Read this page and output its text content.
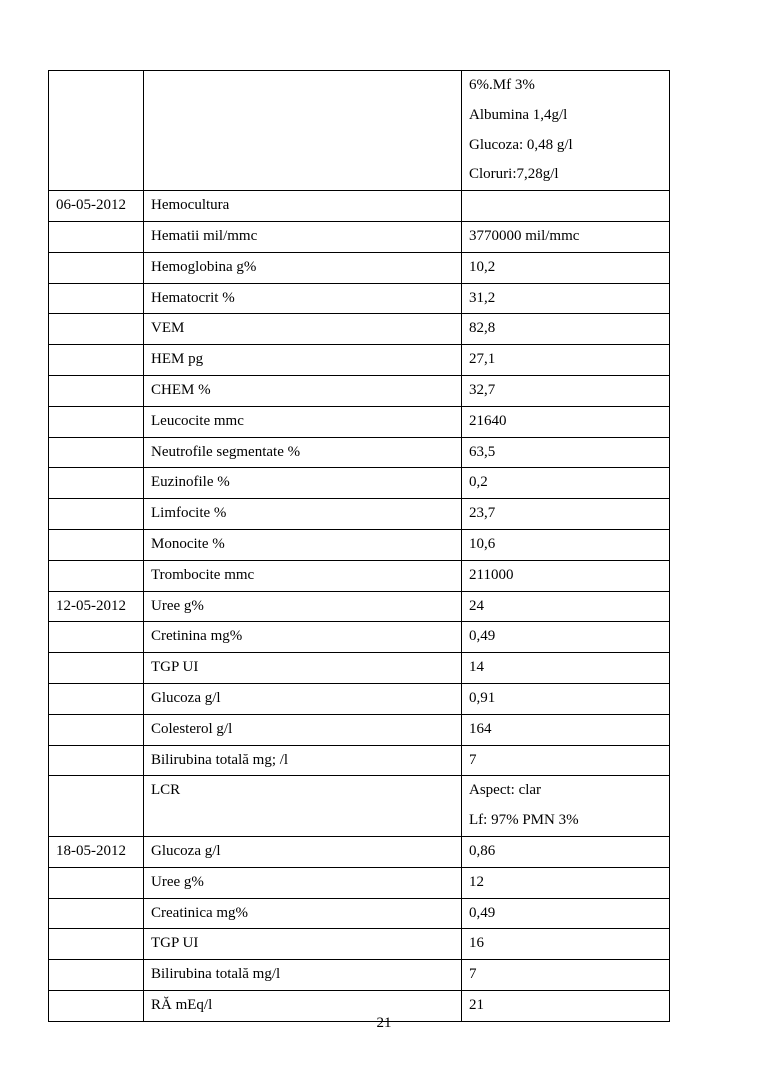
		6%.Mf 3%
Albumina 1,4g/l
Glucoza: 0,48 g/l
Cloruri:7,28g/l

06-05-2012	Hemocultura	

	Hematii mil/mmc	3770000 mil/mmc

	Hemoglobina g%	10,2

	Hematocrit %	31,2

	VEM	82,8

	HEM pg	27,1

	CHEM %	32,7

	Leucocite mmc	21640

	Neutrofile segmentate %	63,5

	Euzinofile %	0,2

	Limfocite %	23,7

	Monocite %	10,6

	Trombocite mmc	211000

12-05-2012	Uree g%	24

	Cretinina mg%	0,49

	TGP UI	14

	Glucoza g/l	0,91

	Colesterol g/l	164

	Bilirubina totală mg; /l	7

	LCR	Aspect: clar
Lf: 97% PMN 3%

18-05-2012	Glucoza g/l	0,86

	Uree g%	12

	Creatinica mg%	0,49

	TGP UI	16

	Bilirubina totală mg/l	7

	RĂ mEq/l	21
21
